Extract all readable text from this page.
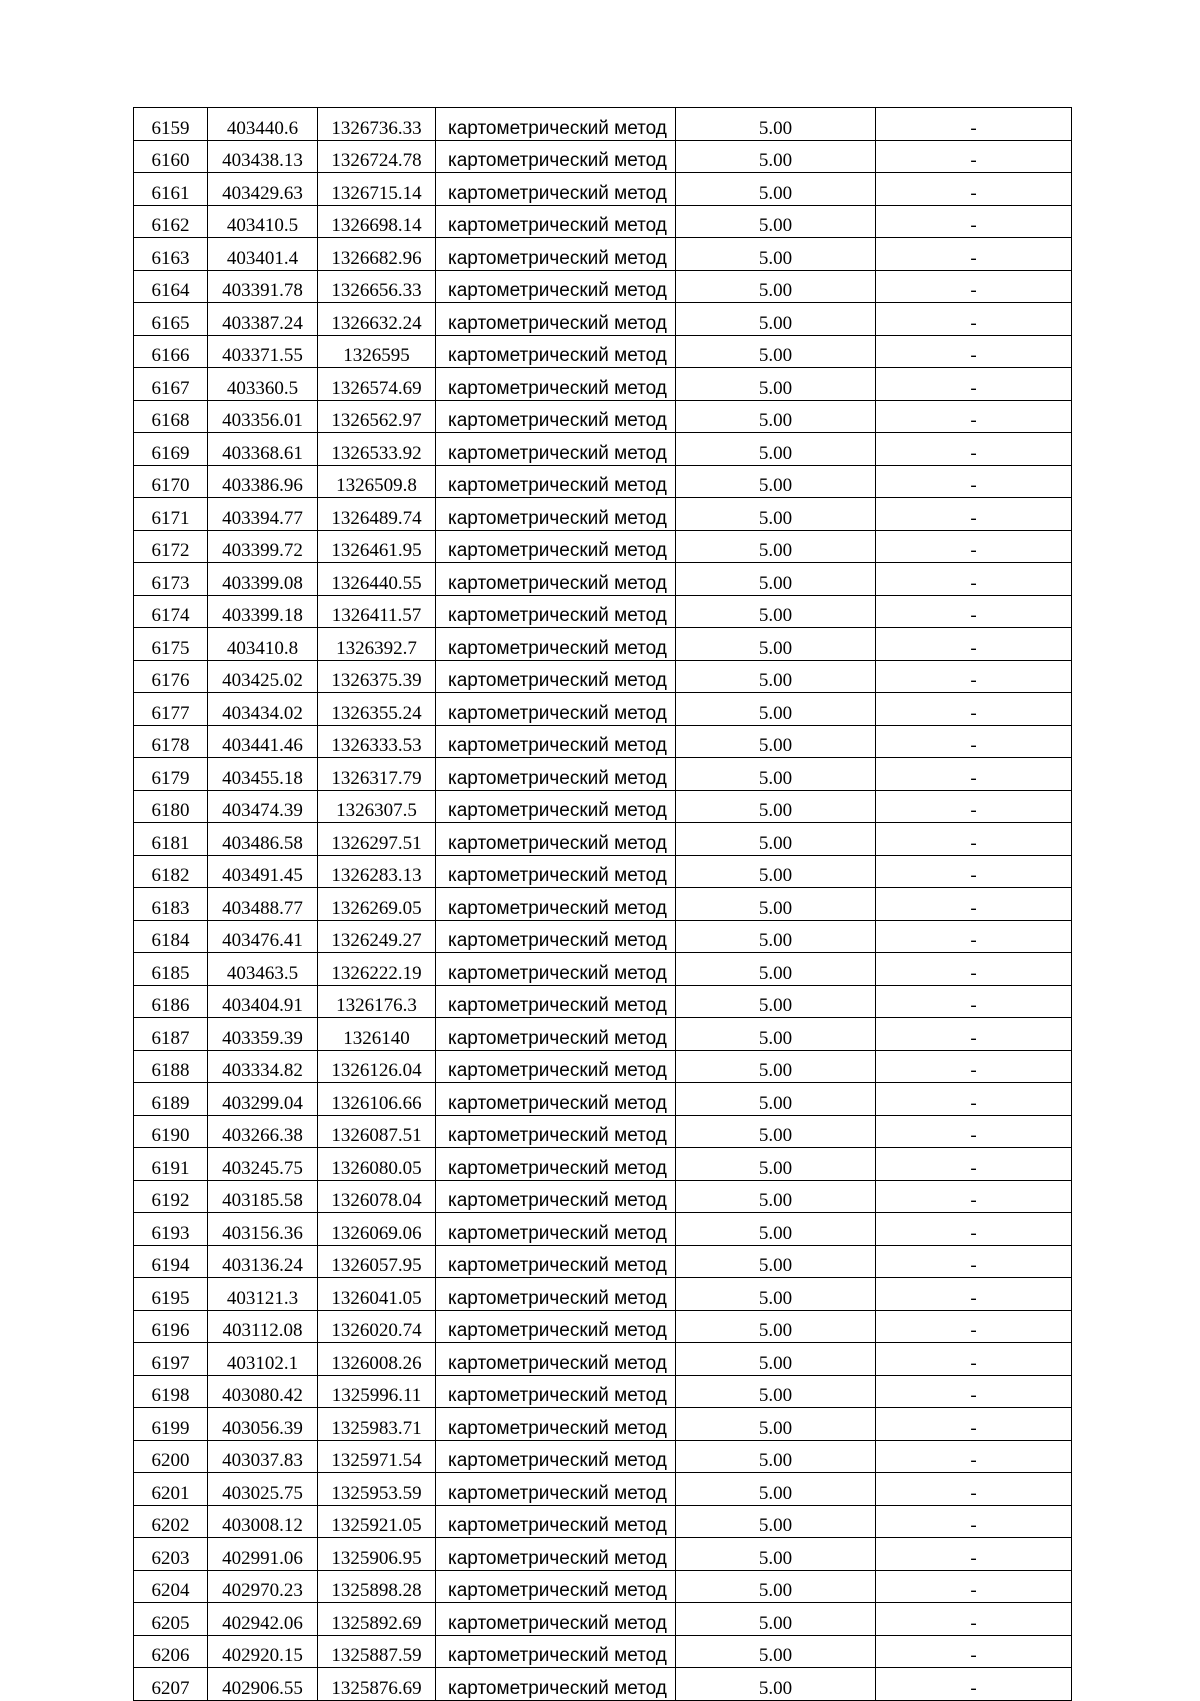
6159	403440.6	1326736.33	картометрический метод	5.00	-
6160	403438.13	1326724.78	картометрический метод	5.00	-
6161	403429.63	1326715.14	картометрический метод	5.00	-
6162	403410.5	1326698.14	картометрический метод	5.00	-
6163	403401.4	1326682.96	картометрический метод	5.00	-
6164	403391.78	1326656.33	картометрический метод	5.00	-
6165	403387.24	1326632.24	картометрический метод	5.00	-
6166	403371.55	1326595	картометрический метод	5.00	-
6167	403360.5	1326574.69	картометрический метод	5.00	-
6168	403356.01	1326562.97	картометрический метод	5.00	-
6169	403368.61	1326533.92	картометрический метод	5.00	-
6170	403386.96	1326509.8	картометрический метод	5.00	-
6171	403394.77	1326489.74	картометрический метод	5.00	-
6172	403399.72	1326461.95	картометрический метод	5.00	-
6173	403399.08	1326440.55	картометрический метод	5.00	-
6174	403399.18	1326411.57	картометрический метод	5.00	-
6175	403410.8	1326392.7	картометрический метод	5.00	-
6176	403425.02	1326375.39	картометрический метод	5.00	-
6177	403434.02	1326355.24	картометрический метод	5.00	-
6178	403441.46	1326333.53	картометрический метод	5.00	-
6179	403455.18	1326317.79	картометрический метод	5.00	-
6180	403474.39	1326307.5	картометрический метод	5.00	-
6181	403486.58	1326297.51	картометрический метод	5.00	-
6182	403491.45	1326283.13	картометрический метод	5.00	-
6183	403488.77	1326269.05	картометрический метод	5.00	-
6184	403476.41	1326249.27	картометрический метод	5.00	-
6185	403463.5	1326222.19	картометрический метод	5.00	-
6186	403404.91	1326176.3	картометрический метод	5.00	-
6187	403359.39	1326140	картометрический метод	5.00	-
6188	403334.82	1326126.04	картометрический метод	5.00	-
6189	403299.04	1326106.66	картометрический метод	5.00	-
6190	403266.38	1326087.51	картометрический метод	5.00	-
6191	403245.75	1326080.05	картометрический метод	5.00	-
6192	403185.58	1326078.04	картометрический метод	5.00	-
6193	403156.36	1326069.06	картометрический метод	5.00	-
6194	403136.24	1326057.95	картометрический метод	5.00	-
6195	403121.3	1326041.05	картометрический метод	5.00	-
6196	403112.08	1326020.74	картометрический метод	5.00	-
6197	403102.1	1326008.26	картометрический метод	5.00	-
6198	403080.42	1325996.11	картометрический метод	5.00	-
6199	403056.39	1325983.71	картометрический метод	5.00	-
6200	403037.83	1325971.54	картометрический метод	5.00	-
6201	403025.75	1325953.59	картометрический метод	5.00	-
6202	403008.12	1325921.05	картометрический метод	5.00	-
6203	402991.06	1325906.95	картометрический метод	5.00	-
6204	402970.23	1325898.28	картометрический метод	5.00	-
6205	402942.06	1325892.69	картометрический метод	5.00	-
6206	402920.15	1325887.59	картометрический метод	5.00	-
6207	402906.55	1325876.69	картометрический метод	5.00	-
